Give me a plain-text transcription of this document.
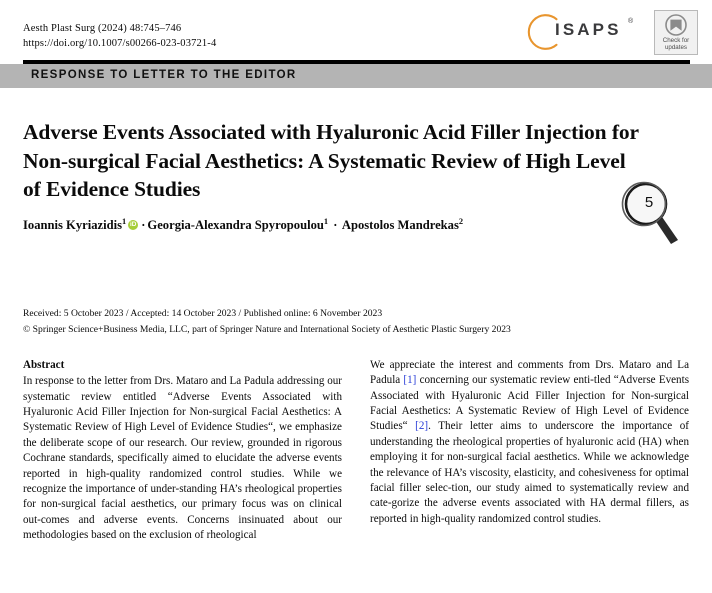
Aesth Plast Surg (2024) 48:745–746
https://doi.org/10.1007/s00266-023-03721-4
ISAPS ®
Check for
updates
RESPONSE TO LETTER TO THE EDITOR
Adverse Events Associated with Hyaluronic Acid Filler Injection for Non-surgical Facial Aesthetics: A Systematic Review of High Level of Evidence Studies
Ioannis Kyriazidis$^1$ iD · Georgia-Alexandra Spyropoulou$^1$ · Apostolos Mandrekas$^2$
5
Received: 5 October 2023 / Accepted: 14 October 2023 / Published online: 6 November 2023
© Springer Science+Business Media, LLC, part of Springer Nature and International Society of Aesthetic Plastic Surgery 2023

Abstract
In response to the letter from Drs. Mataro and La Padula addressing our systematic review entitled “Adverse Events Associated with Hyaluronic Acid Filler Injection for Non-surgical Facial Aesthetics: A Systematic Review of High Level of Evidence Studies“, we emphasize the deliberate scope of our research. Our review, grounded in rigorous Cochrane standards, specifically aimed to elucidate the adverse events reported in high-quality randomized control studies. While we recognize the importance of under-standing HA’s rheological properties for non-surgical facial aesthetics, our primary focus was on clinical out-comes and adverse events. Concerns insinuated about our methodologies based on the exclusion of rheological

We appreciate the interest and comments from Drs. Mataro and La Padula [1] concerning our systematic review enti-tled “Adverse Events Associated with Hyaluronic Acid Filler Injection for Non-surgical Facial Aesthetics: A Systematic Review of High Level of Evidence Studies“ [2]. Their letter aims to underscore the importance of understanding the rheological properties of hyaluronic acid (HA) when employing it for non-surgical facial aesthetics. While we acknowledge the relevance of HA’s viscosity, elasticity, and cohesiveness for optimal facial filler selec-tion, our study aimed to systematically review and cate-gorize the adverse events associated with HA dermal fillers, as reported in high-quality randomized control studies.
